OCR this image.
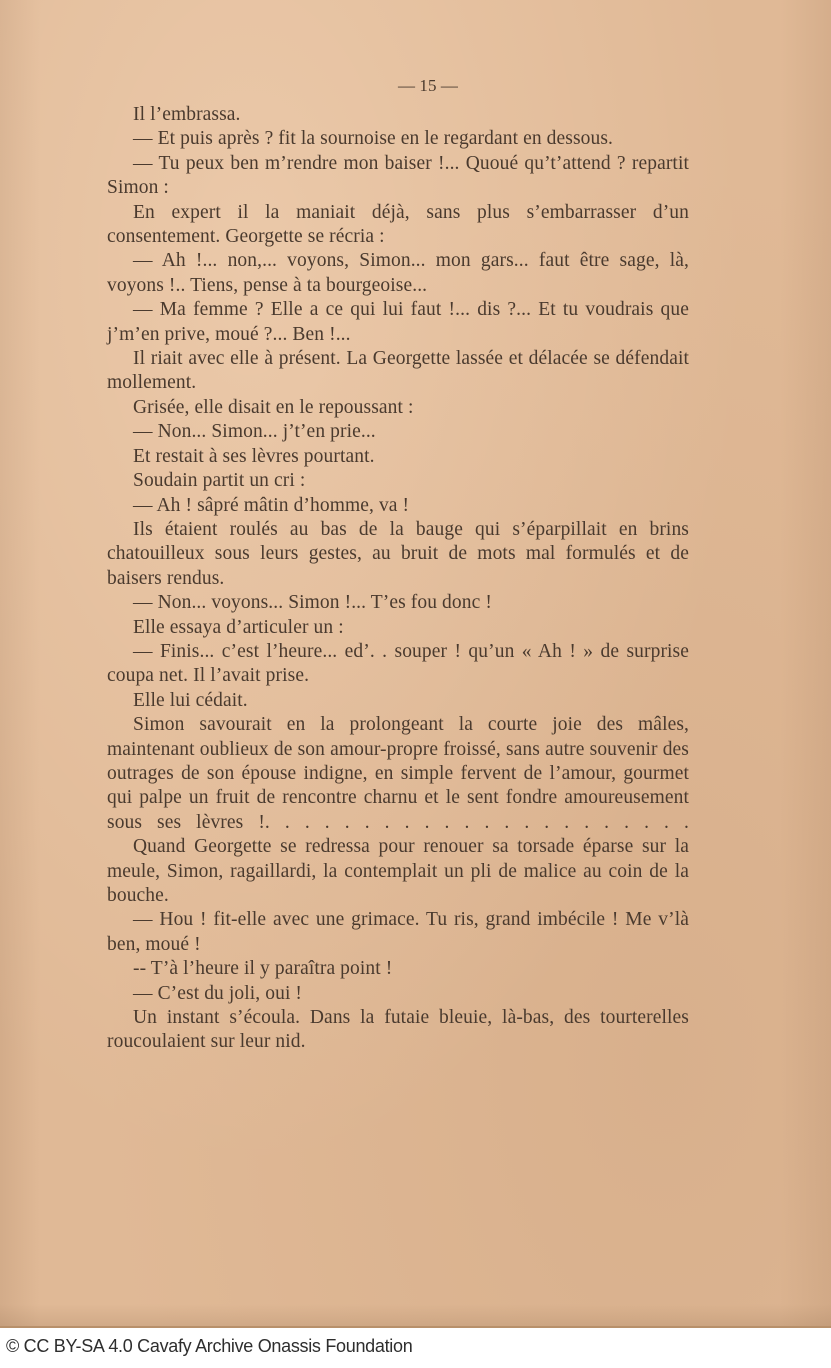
— 15 —

Il l’embrassa.

— Et puis après ? fit la sournoise en le regardant en dessous.

— Tu peux ben m’rendre mon baiser !... Quoué qu’t’attend ? repartit Simon :

En expert il la maniait déjà, sans plus s’embarrasser d’un consentement. Georgette se récria :

— Ah !... non,... voyons, Simon... mon gars... faut être sage, là, voyons !.. Tiens, pense à ta bourgeoise...

— Ma femme ? Elle a ce qui lui faut !... dis ?... Et tu voudrais que j’m’en prive, moué ?... Ben !...

Il riait avec elle à présent. La Georgette lassée et délacée se défendait mollement.

Grisée, elle disait en le repoussant :

— Non... Simon... j’t’en prie...

Et restait à ses lèvres pourtant.

Soudain partit un cri :

— Ah ! sâpré mâtin d’homme, va !

Ils étaient roulés au bas de la bauge qui s’éparpillait en brins chatouilleux sous leurs gestes, au bruit de mots mal formulés et de baisers rendus.

— Non... voyons... Simon !... T’es fou donc !

Elle essaya d’articuler un :

— Finis... c’est l’heure... ed’. . souper ! qu’un « Ah ! » de surprise coupa net. Il l’avait prise.

Elle lui cédait.

Simon savourait en la prolongeant la courte joie des mâles, maintenant oublieux de son amour-propre froissé, sans autre souvenir des outrages de son épouse indigne, en simple fervent de l’amour, gourmet qui palpe un fruit de rencontre charnu et le sent fondre amoureusement sous ses lèvres !. . . . . . . . . . . . . . . . . . . . . .

Quand Georgette se redressa pour renouer sa torsade éparse sur la meule, Simon, ragaillardi, la contemplait un pli de malice au coin de la bouche.

— Hou ! fit-elle avec une grimace. Tu ris, grand imbécile ! Me v’là ben, moué !

-- T’à l’heure il y paraîtra point !

— C’est du joli, oui !

Un instant s’écoula. Dans la futaie bleuie, là-bas, des tourterelles roucoulaient sur leur nid.

© CC BY-SA 4.0 Cavafy Archive Onassis Foundation
